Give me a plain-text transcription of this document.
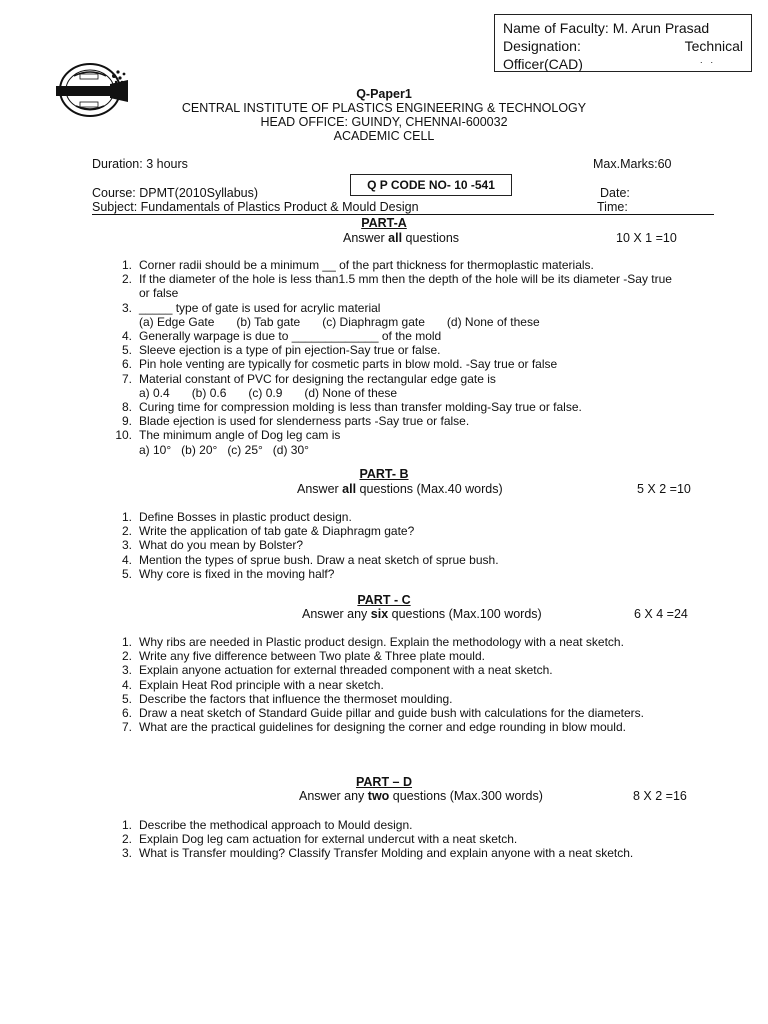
Name of Faculty: M. Arun Prasad
Designation:	Technical
Officer(CAD)	..
Q-Paper1
CENTRAL INSTITUTE OF PLASTICS ENGINEERING & TECHNOLOGY
HEAD OFFICE: GUINDY, CHENNAI-600032
ACADEMIC CELL
Duration: 3 hours	Max.Marks:60
Q P CODE NO- 10 -541
Course: DPMT(2010Syllabus)	Date:
Subject: Fundamentals of Plastics Product & Mould Design	Time:
PART-A
Answer all questions	10 X 1 =10
1. Corner radii should be a minimum __ of the part thickness for thermoplastic materials.
2. If the diameter of the hole is less than1.5 mm then the depth of the hole will be its diameter -Say true
or false
3. _____ type of gate is used for acrylic material
(a) Edge Gate (b) Tab gate (c) Diaphragm gate (d) None of these
4. Generally warpage is due to _____________ of the mold
5. Sleeve ejection is a type of pin ejection-Say true or false.
6. Pin hole venting are typically for cosmetic parts in blow mold. -Say true or false
7. Material constant of PVC for designing the rectangular edge gate is
a) 0.4 (b) 0.6 (c) 0.9 (d) None of these
8. Curing time for compression molding is less than transfer molding-Say true or false.
9. Blade ejection is used for slenderness parts -Say true or false.
10. The minimum angle of Dog leg cam is
a) 10° (b) 20° (c) 25° (d) 30°
PART- B
Answer all questions (Max.40 words)	5 X 2 =10
1. Define Bosses in plastic product design.
2. Write the application of tab gate & Diaphragm gate?
3. What do you mean by Bolster?
4. Mention the types of sprue bush. Draw a neat sketch of sprue bush.
5. Why core is fixed in the moving half?
PART - C
Answer any six questions (Max.100 words)	6 X 4 =24
1. Why ribs are needed in Plastic product design. Explain the methodology with a neat sketch.
2. Write any five difference between Two plate & Three plate mould.
3. Explain anyone actuation for external threaded component with a neat sketch.
4. Explain Heat Rod principle with a near sketch.
5. Describe the factors that influence the thermoset moulding.
6. Draw a neat sketch of Standard Guide pillar and guide bush with calculations for the diameters.
7. What are the practical guidelines for designing the corner and edge rounding in blow mould.
PART – D
Answer any two questions (Max.300 words)	8 X 2 =16
1. Describe the methodical approach to Mould design.
2. Explain Dog leg cam actuation for external undercut with a neat sketch.
3. What is Transfer moulding? Classify Transfer Molding and explain anyone with a neat sketch.
